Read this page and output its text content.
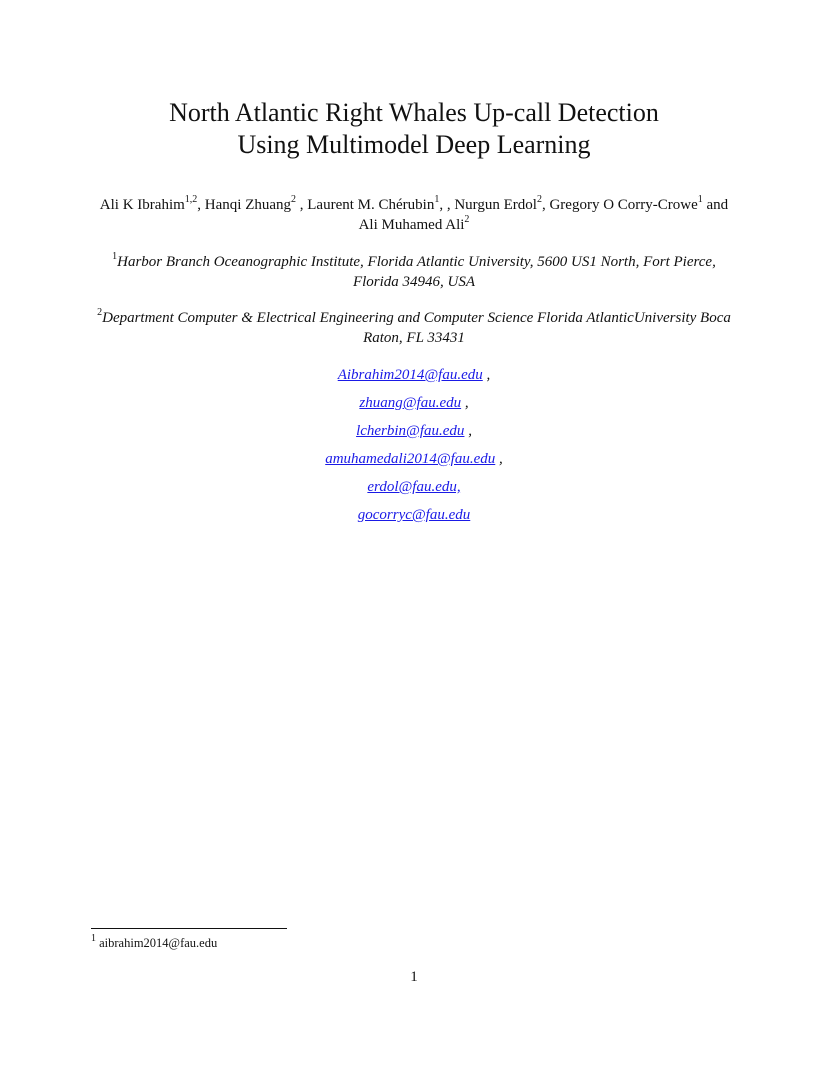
North Atlantic Right Whales Up-call Detection
Using Multimodel Deep Learning
Ali K Ibrahim$^{1,2}$, Hanqi Zhuang$^2$ , Laurent M. Chérubin$^1$, , Nurgun Erdol$^2$, Gregory O Corry-Crowe$^1$ and Ali Muhamed Ali$^2$
$^1$Harbor Branch Oceanographic Institute, Florida Atlantic University, 5600 US1 North, Fort Pierce, Florida 34946, USA
$^2$Department Computer & Electrical Engineering and Computer Science Florida AtlanticUniversity Boca Raton, FL 33431
Aibrahim2014@fau.edu ,
zhuang@fau.edu ,
lcherbin@fau.edu ,
amuhamedali2014@fau.edu ,
erdol@fau.edu,
gocorryc@fau.edu
$^1$ aibrahim2014@fau.edu
1
